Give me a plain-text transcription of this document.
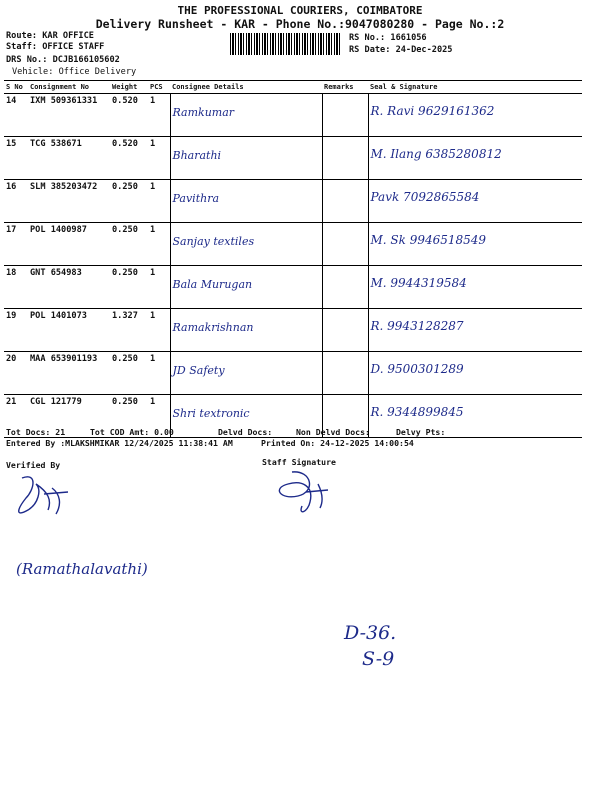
THE PROFESSIONAL COURIERS, COIMBATORE
Delivery Runsheet - KAR - Phone No.:9047080280 - Page No.:2
Route: KAR OFFICE
Staff: OFFICE STAFF
DRS No.: DCJB166105602
Vehicle: Office Delivery
RS No.: 1661056
RS Date: 24-Dec-2025
S No	Consignment No	Weight	PCS	Consignee Details	Remarks	Seal & Signature
14	IXM 509361331	0.520	1	Ramkumar		R. Ravi 9629161362

15	TCG 538671	0.520	1	Bharathi		M. Ilang 6385280812

16	SLM 385203472	0.250	1	Pavithra		Pavk 7092865584

17	POL 1400987	0.250	1	Sanjay textiles		M. Sk 9946518549

18	GNT 654983	0.250	1	Bala Murugan		M. 9944319584

19	POL 1401073	1.327	1	Ramakrishnan		R. 9943128287

20	MAA 653901193	0.250	1	JD Safety		D. 9500301289

21	CGL 121779	0.250	1	Shri textronic		R. 9344899845
Tot Docs: 21	Tot COD Amt: 0.00	Delvd Docs:	Non Delvd Docs:	Delvy Pts:
Entered By :MLAKSHMIKAR 12/24/2025 11:38:41 AM	Printed On: 24-12-2025 14:00:54
Verified By	Staff Signature
(Ramathalavathi)
D-36.
S-9
